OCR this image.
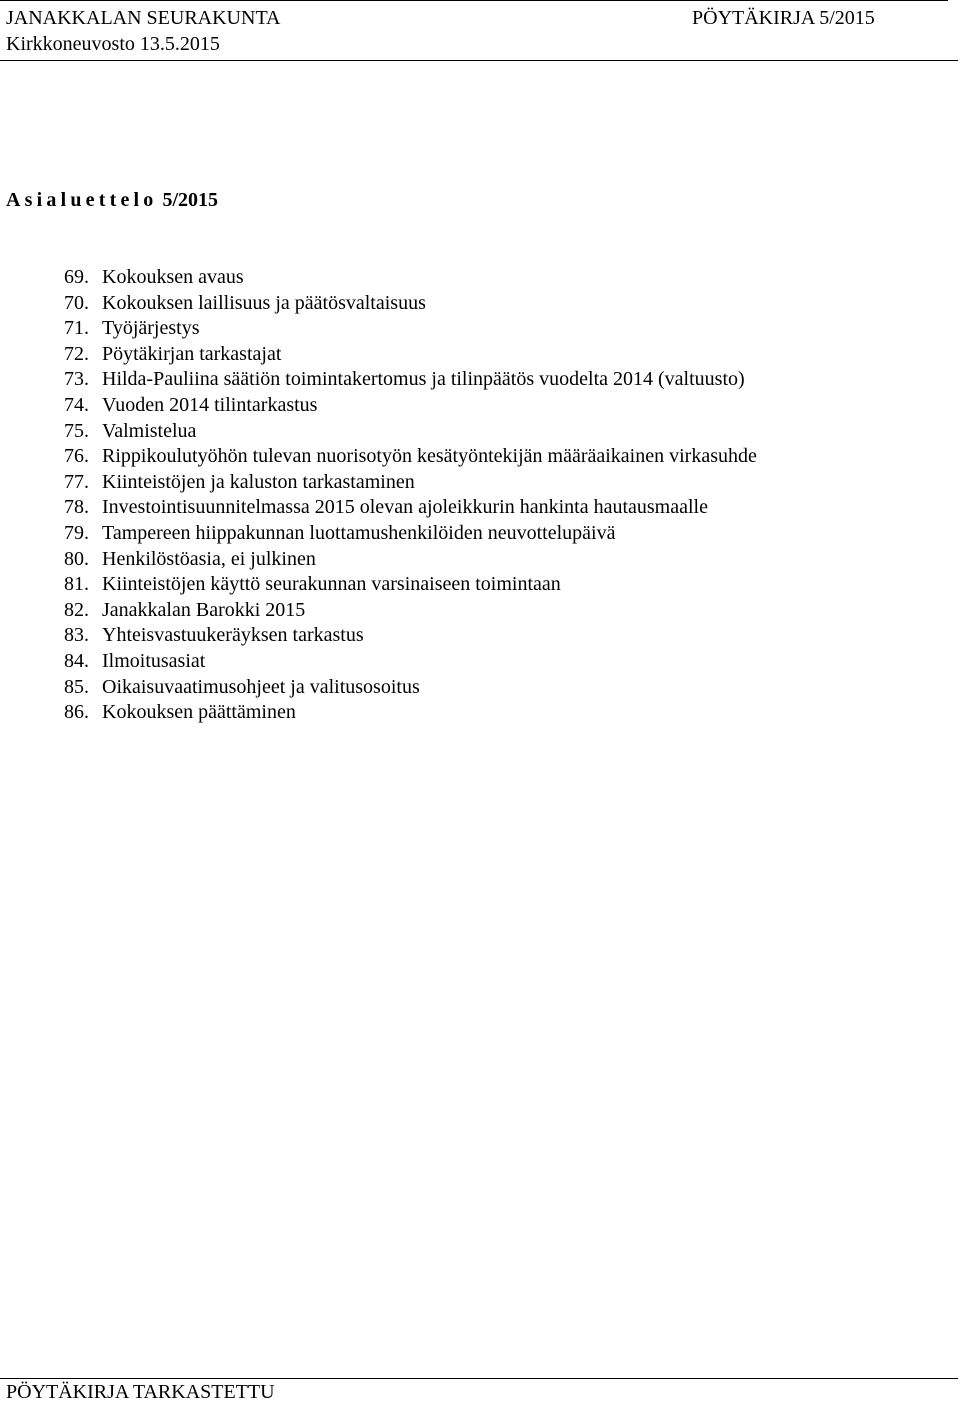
JANAKKALAN SEURAKUNTA	PÖYTÄKIRJA 5/2015
Kirkkoneuvosto 13.5.2015
Asialuettelo 5/2015
69. Kokouksen avaus
70. Kokouksen laillisuus ja päätösvaltaisuus
71. Työjärjestys
72. Pöytäkirjan tarkastajat
73. Hilda-Pauliina säätiön toimintakertomus ja tilinpäätös vuodelta 2014 (valtuusto)
74. Vuoden 2014 tilintarkastus
75. Valmistelua
76. Rippikoulutyöhön tulevan nuorisotyön kesätyöntekijän määräaikainen virkasuhde
77. Kiinteistöjen ja kaluston tarkastaminen
78. Investointisuunnitelmassa 2015 olevan ajoleikkurin hankinta hautausmaalle
79. Tampereen hiippakunnan luottamushenkilöiden neuvottelupäivä
80. Henkilöstöasia, ei julkinen
81. Kiinteistöjen käyttö seurakunnan varsinaiseen toimintaan
82. Janakkalan Barokki 2015
83. Yhteisvastuukeräyksen tarkastus
84. Ilmoitusasiat
85. Oikaisuvaatimusohjeet ja valitusosoitus
86. Kokouksen päättäminen
PÖYTÄKIRJA TARKASTETTU
